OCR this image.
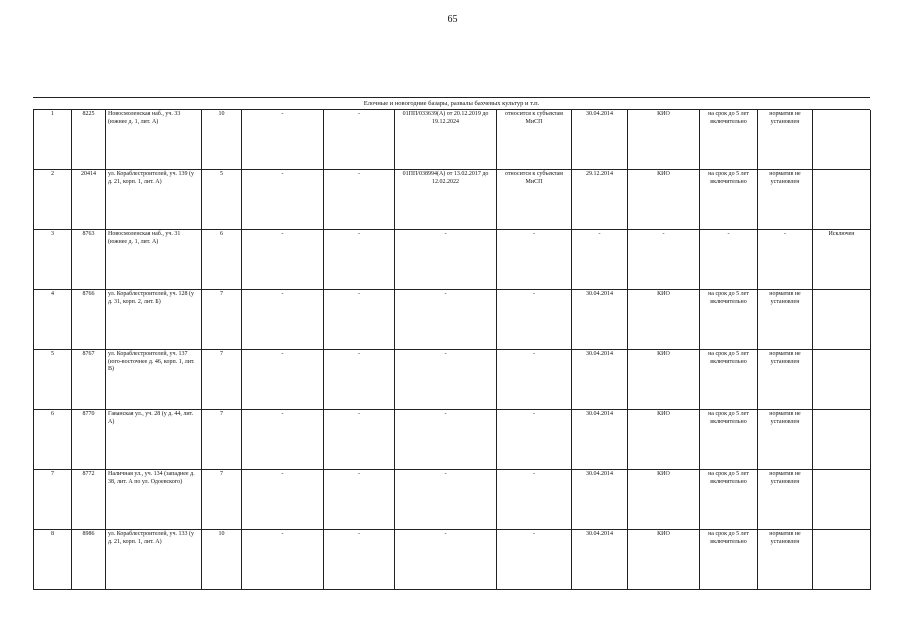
65
Елочные и новогодние базары, развалы бахчевых культур и т.п.
1	8225	Новосмоленская наб., уч. 33 (южнее д. 1, лит. А)	10	-	-	01ПП/033639(А) от 20.12.2019 до 19.12.2024	относится к субъектам МиСП	30.04.2014	КИО	на срок до 5 лет включительно	норматив не установлен	
2	20414	ул. Кораблестроителей, уч. 139 (у д. 21, корп. 1, лит. А)	5	-	-	01ПП/038994(А) от 13.02.2017 до 12.02.2022	относится к субъектам МиСП	29.12.2014	КИО	на срок до 5 лет включительно	норматив не установлен	
3	8763	Новосмоленская наб., уч. 31 (южнее д. 1, лит. А)	6	-	-	-	-	-	-	-	-	Исключен
4	8766	ул. Кораблестроителей, уч. 128 (у д. 31, корп. 2, лит. Б)	7	-	-	-	-	30.04.2014	КИО	на срок до 5 лет включительно	норматив не установлен	
5	8767	ул. Кораблестроителей, уч. 137 (юго-восточнее д. 46, корп. 1, лит. В)	7	-	-	-	-	30.04.2014	КИО	на срок до 5 лет включительно	норматив не установлен	
6	8770	Гаванская ул., уч. 28 (у д. 44, лит. А)	7	-	-	-	-	30.04.2014	КИО	на срок до 5 лет включительно	норматив не установлен	
7	8772	Наличная ул., уч. 134 (западнее д. 38, лит. А по ул. Одоевского)	7	-	-	-	-	30.04.2014	КИО	на срок до 5 лет включительно	норматив не установлен	
8	8986	ул. Кораблестроителей, уч. 133 (у д. 21, корп. 1, лит. А)	10	-	-	-	-	30.04.2014	КИО	на срок до 5 лет включительно	норматив не установлен	
